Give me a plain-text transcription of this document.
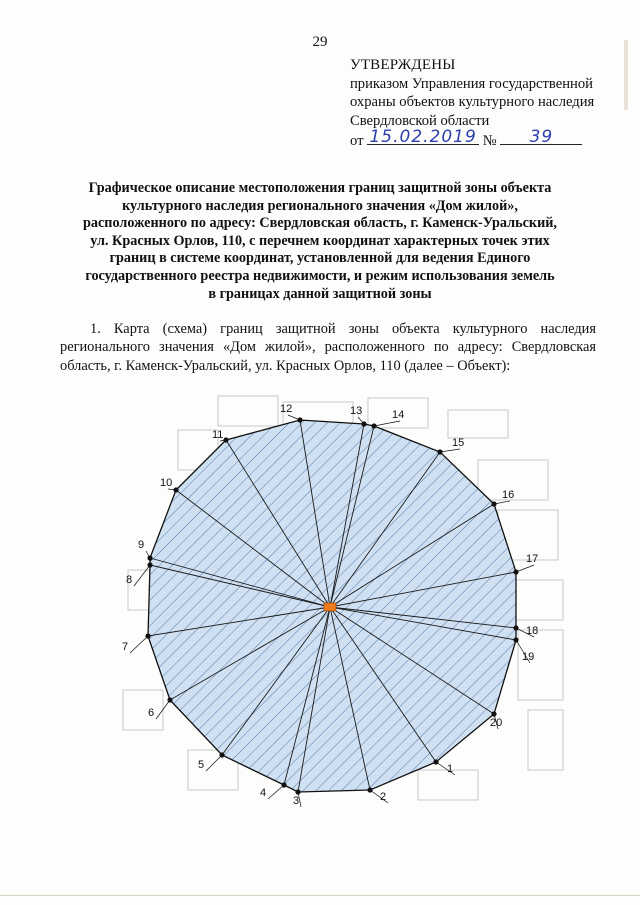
29
УТВЕРЖДЕНЫ
приказом Управления государственной
охраны объектов культурного наследия
Свердловской области
от 15.02.2019 №	39
Графическое описание местоположения границ защитной зоны объекта
культурного наследия регионального значения «Дом жилой»,
расположенного по адресу: Свердловская область, г. Каменск-Уральский,
ул. Красных Орлов, 110, с перечнем координат характерных точек этих
границ в системе координат, установленной для ведения Единого
государственного реестра недвижимости, и режим использования земель
в границах данной защитной зоны
1. Карта (схема) границ защитной зоны объекта культурного наследия регионального значения «Дом жилой», расположенного по адресу: Свердловская область, г. Каменск-Уральский, ул. Красных Орлов, 110 (далее – Объект):
1
2
3
4
5
6
7
8
9
10
11
12	13	14
15
16
17
18
19
20
